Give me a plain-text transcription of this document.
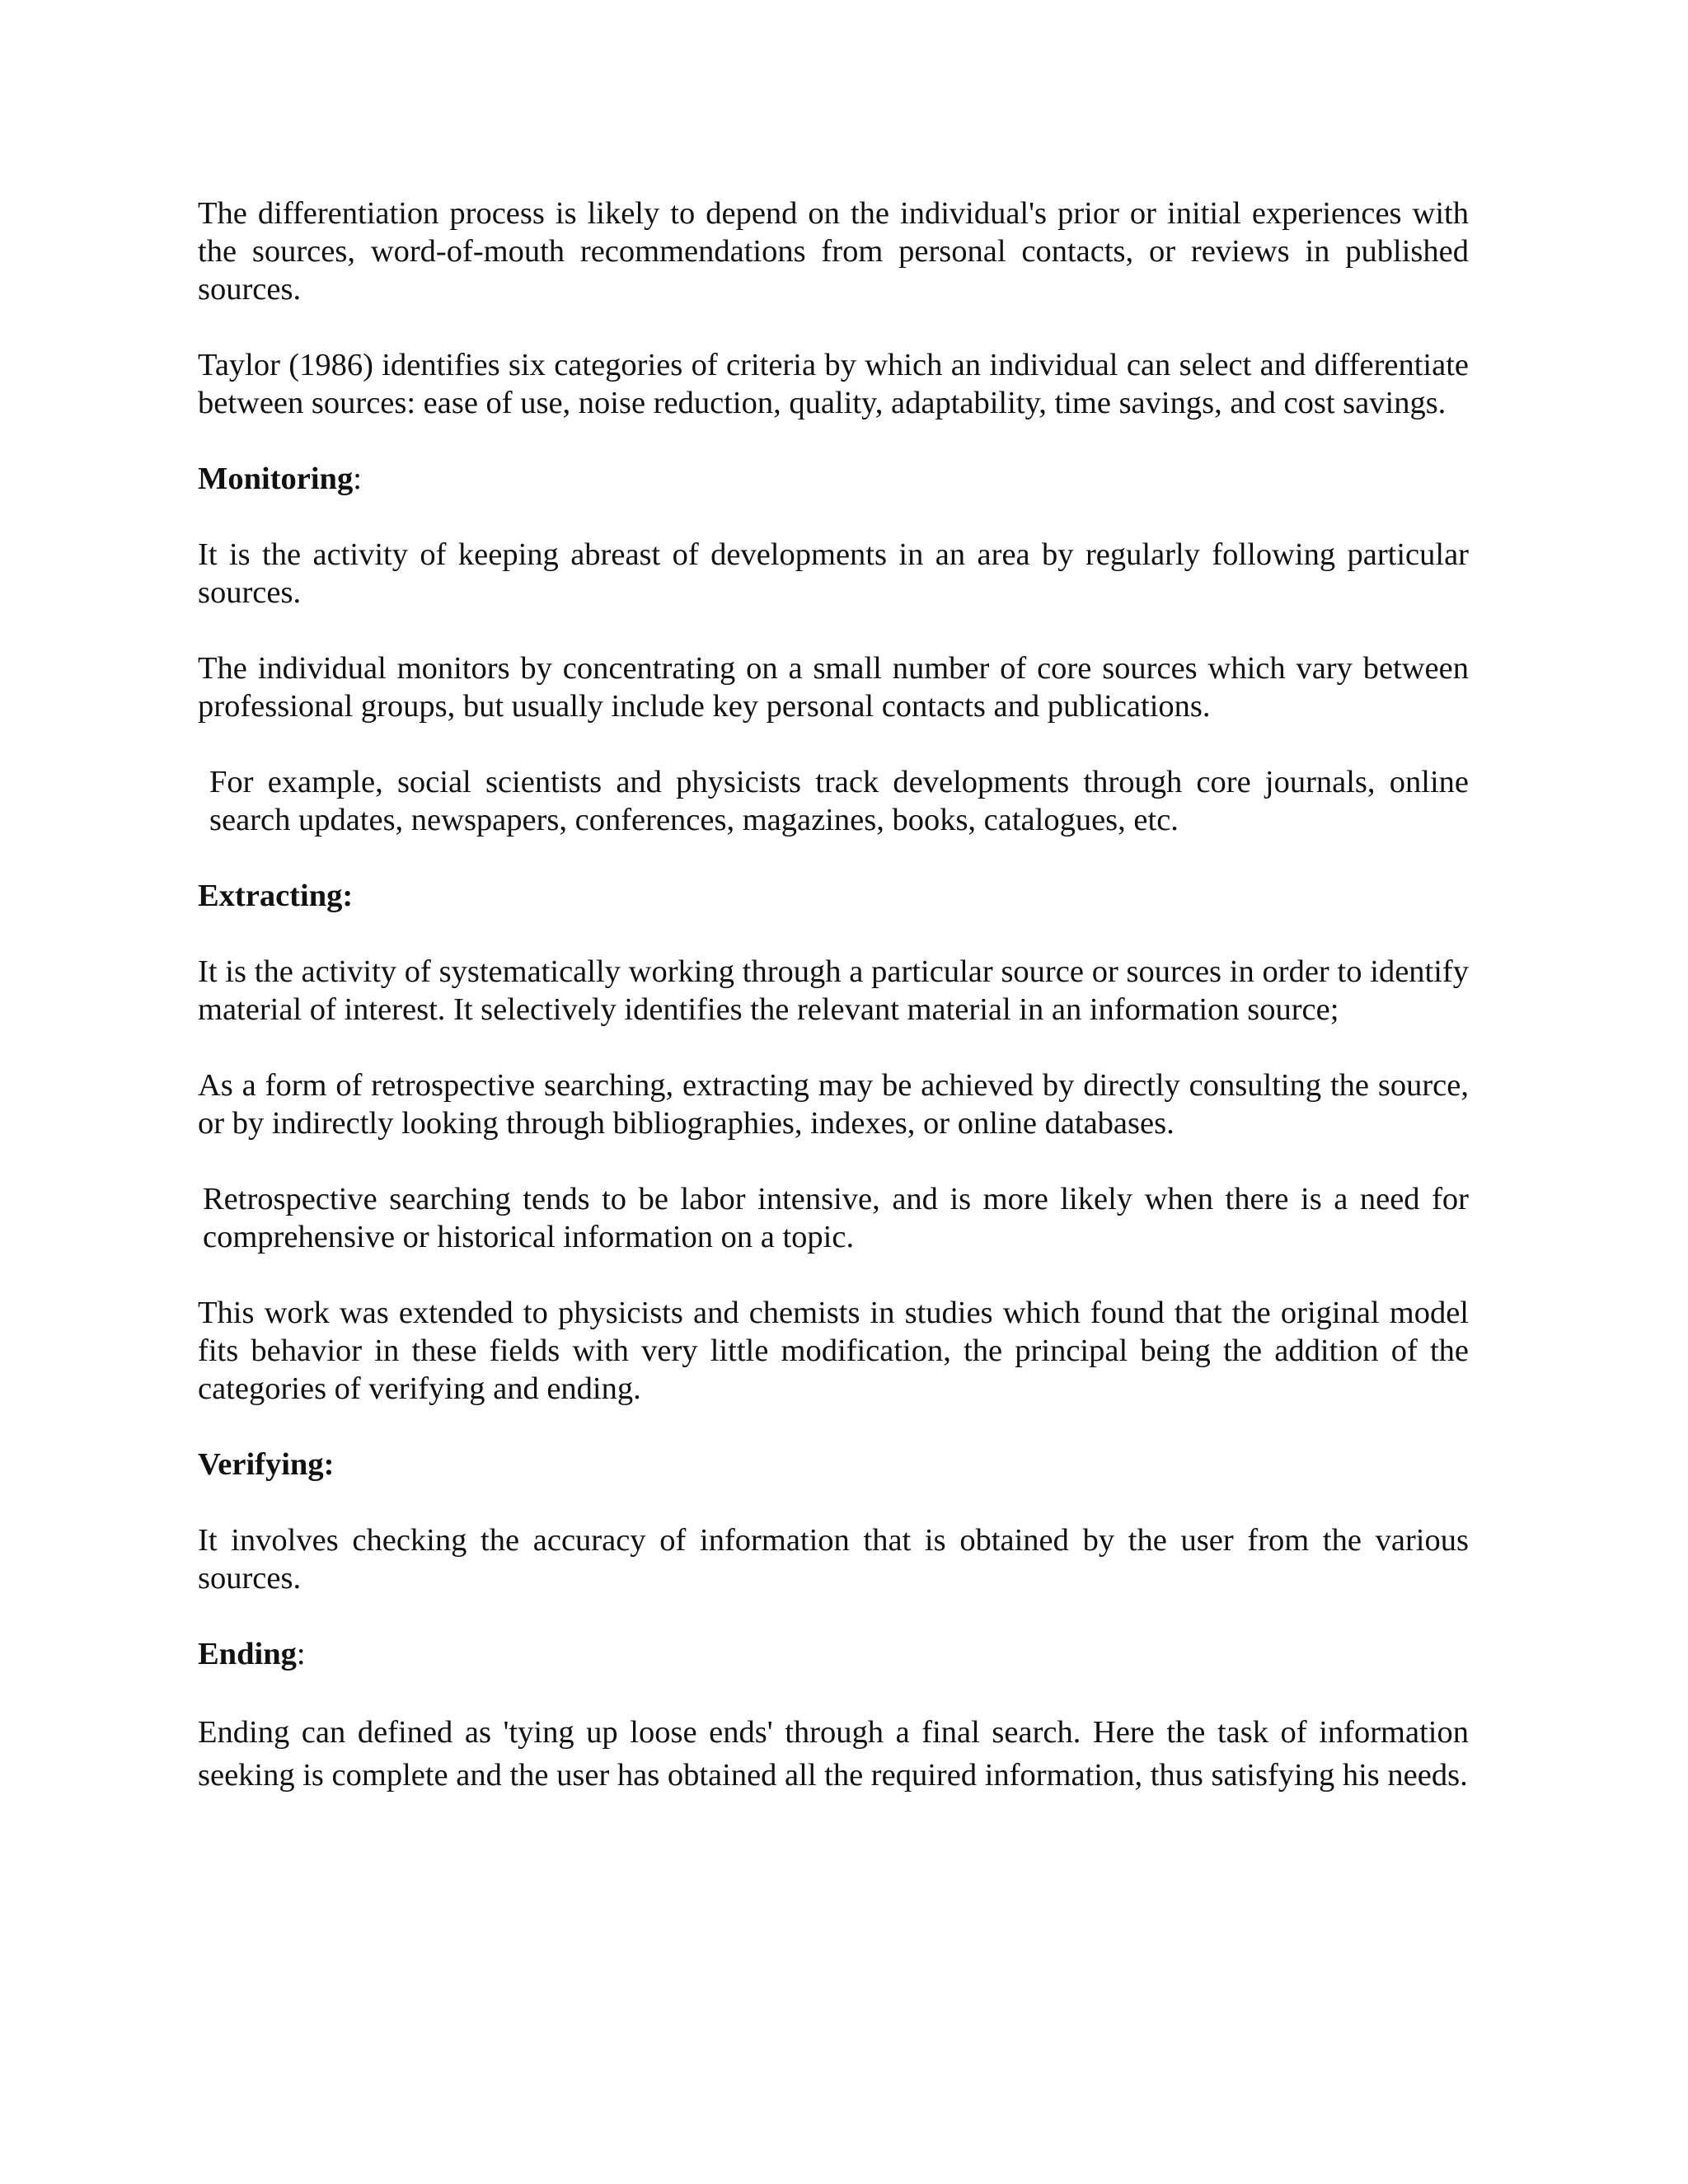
The differentiation process is likely to depend on the individual's prior or initial experiences with the sources, word-of-mouth recommendations from personal contacts, or reviews in published sources.

Taylor (1986) identifies six categories of criteria by which an individual can select and differentiate between sources: ease of use, noise reduction, quality, adaptability, time savings, and cost savings.

Monitoring:

It is the activity of keeping abreast of developments in an area by regularly following particular sources.

The individual monitors by concentrating on a small number of core sources which vary between professional groups, but usually include key personal contacts and publications.

For example, social scientists and physicists track developments through core journals, online search updates, newspapers, conferences, magazines, books, catalogues, etc.

Extracting:

It is the activity of systematically working through a particular source or sources in order to identify material of interest. It selectively identifies the relevant material in an information source;

As a form of retrospective searching, extracting may be achieved by directly consulting the source, or by indirectly looking through bibliographies, indexes, or online databases.

Retrospective searching tends to be labor intensive, and is more likely when there is a need for comprehensive or historical information on a topic.

This work was extended to physicists and chemists in studies which found that the original model fits behavior in these fields with very little modification, the principal being the addition of the categories of verifying and ending.

Verifying:

It involves checking the accuracy of information that is obtained by the user from the various sources.

Ending:

Ending can defined as 'tying up loose ends' through a final search. Here the task of information seeking is complete and the user has obtained all the required information, thus satisfying his needs.
